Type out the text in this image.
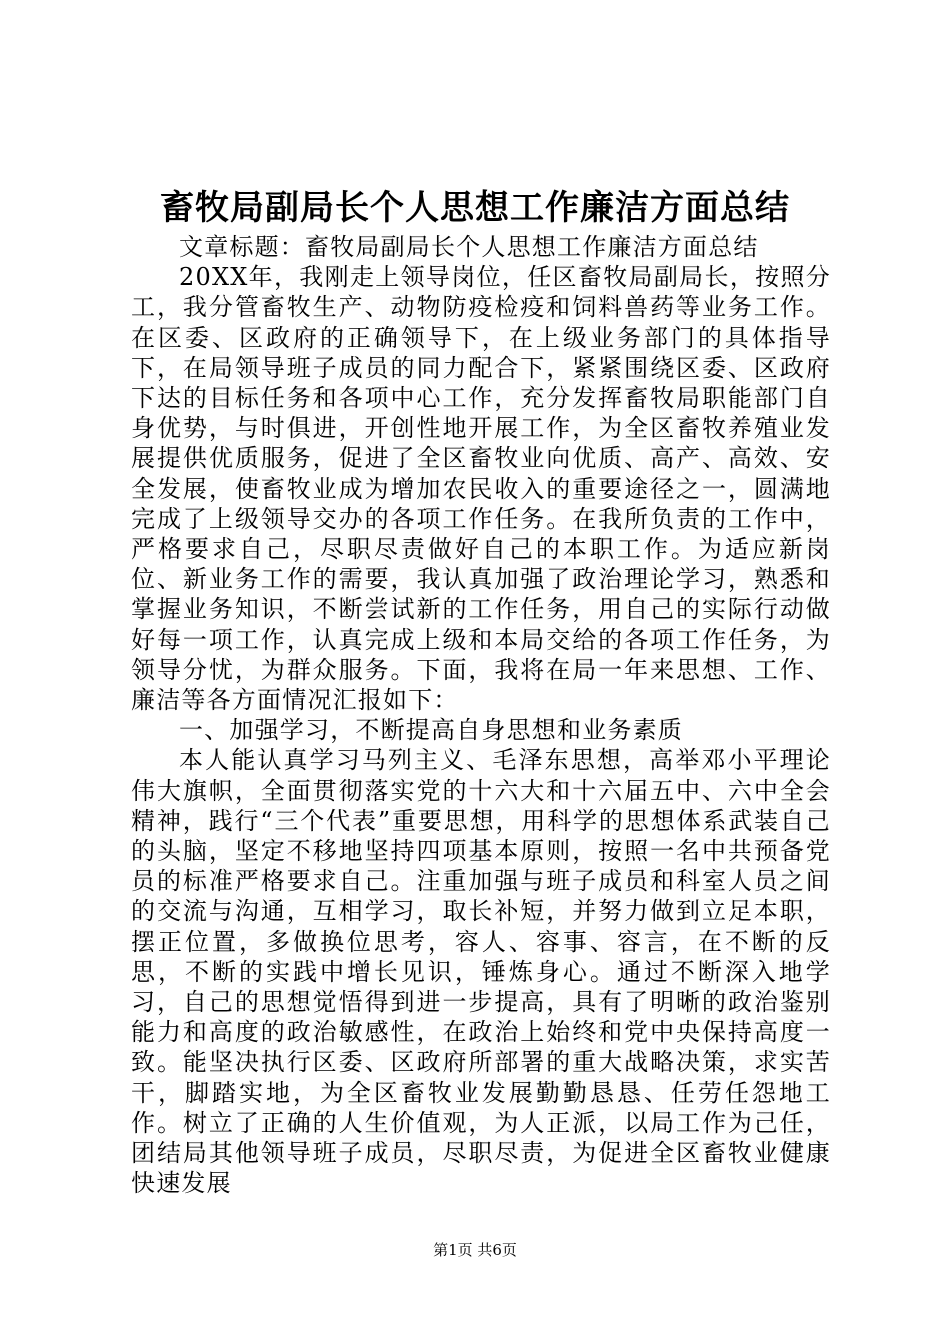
畜牧局副局长个人思想工作廉洁方面总结

文章标题：畜牧局副局长个人思想工作廉洁方面总结

20XX年，我刚走上领导岗位，任区畜牧局副局长，按照分工，我分管畜牧生产、动物防疫检疫和饲料兽药等业务工作。在区委、区政府的正确领导下，在上级业务部门的具体指导下，在局领导班子成员的同力配合下，紧紧围绕区委、区政府下达的目标任务和各项中心工作，充分发挥畜牧局职能部门自身优势，与时俱进，开创性地开展工作，为全区畜牧养殖业发展提供优质服务，促进了全区畜牧业向优质、高产、高效、安全发展，使畜牧业成为增加农民收入的重要途径之一，圆满地完成了上级领导交办的各项工作任务。在我所负责的工作中，严格要求自己，尽职尽责做好自己的本职工作。为适应新岗位、新业务工作的需要，我认真加强了政治理论学习，熟悉和掌握业务知识，不断尝试新的工作任务，用自己的实际行动做好每一项工作，认真完成上级和本局交给的各项工作任务，为领导分忧，为群众服务。下面，我将在局一年来思想、工作、廉洁等各方面情况汇报如下：

一、加强学习，不断提高自身思想和业务素质

本人能认真学习马列主义、毛泽东思想，高举邓小平理论伟大旗帜，全面贯彻落实党的十六大和十六届五中、六中全会精神，践行“三个代表”重要思想，用科学的思想体系武装自己的头脑，坚定不移地坚持四项基本原则，按照一名中共预备党员的标准严格要求自己。注重加强与班子成员和科室人员之间的交流与沟通，互相学习，取长补短，并努力做到立足本职，摆正位置，多做换位思考，容人、容事、容言，在不断的反思，不断的实践中增长见识，锤炼身心。通过不断深入地学习，自己的思想觉悟得到进一步提高，具有了明晰的政治鉴别能力和高度的政治敏感性，在政治上始终和党中央保持高度一致。能坚决执行区委、区政府所部署的重大战略决策，求实苦干，脚踏实地，为全区畜牧业发展勤勤恳恳、任劳任怨地工作。树立了正确的人生价值观，为人正派，以局工作为己任，团结局其他领导班子成员，尽职尽责，为促进全区畜牧业健康快速发展

第1页 共6页
